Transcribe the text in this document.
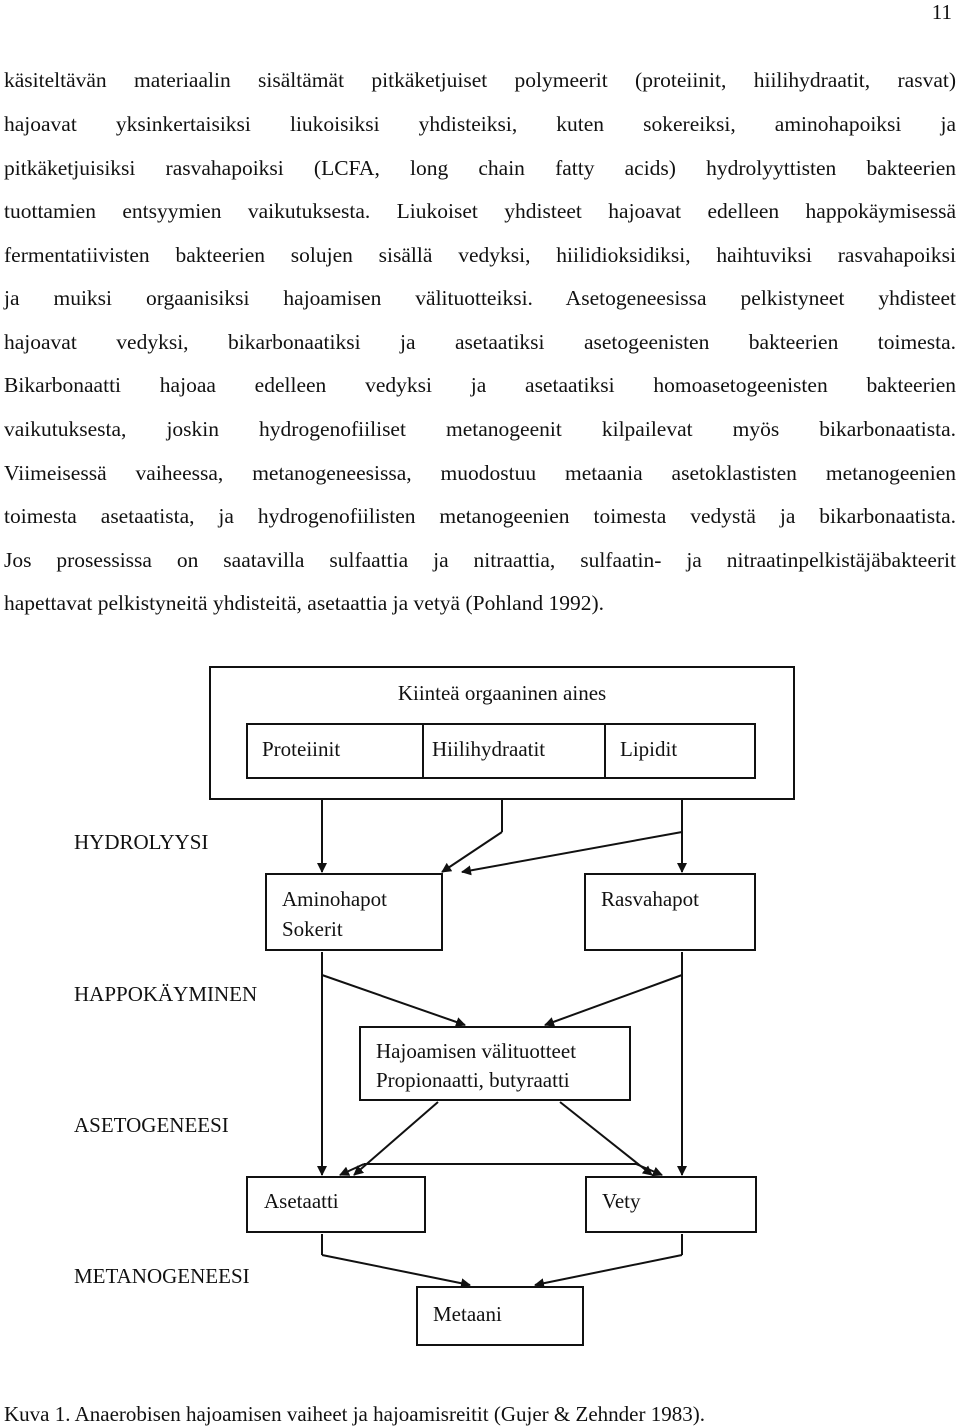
11
käsiteltävän materiaalin sisältämät pitkäketjuiset polymeerit (proteiinit, hiilihydraatit, rasvat)
hajoavat yksinkertaisiksi liukoisiksi yhdisteiksi, kuten sokereiksi, aminohapoiksi ja
pitkäketjuisiksi rasvahapoiksi (LCFA, long chain fatty acids) hydrolyyttisten bakteerien
tuottamien entsyymien vaikutuksesta. Liukoiset yhdisteet hajoavat edelleen happokäymisessä
fermentatiivisten bakteerien solujen sisällä vedyksi, hiilidioksidiksi, haihtuviksi rasvahapoiksi
ja muiksi orgaanisiksi hajoamisen välituotteiksi. Asetogeneesissa pelkistyneet yhdisteet
hajoavat vedyksi, bikarbonaatiksi ja asetaatiksi asetogeenisten bakteerien toimesta.
Bikarbonaatti hajoaa edelleen vedyksi ja asetaatiksi homoasetogeenisten bakteerien
vaikutuksesta, joskin hydrogenofiiliset metanogeenit kilpailevat myös bikarbonaatista.
Viimeisessä vaiheessa, metanogeneesissa, muodostuu metaania asetoklastisten metanogeenien
toimesta asetaatista, ja hydrogenofiilisten metanogeenien toimesta vedystä ja bikarbonaatista.
Jos prosessissa on saatavilla sulfaattia ja nitraattia, sulfaatin- ja nitraatinpelkistäjäbakteerit
hapettavat pelkistyneitä yhdisteitä, asetaattia ja vetyä (Pohland 1992).
Kiinteä orgaaninen aines
Proteiinit	Hiilihydraatit	Lipidit
HYDROLYYSI
Aminohapot
Sokerit
Rasvahapot
HAPPOKÄYMINEN
Hajoamisen välituotteet
Propionaatti, butyraatti
ASETOGENEESI
Asetaatti	Vety
METANOGENEESI
Metaani
Kuva 1. Anaerobisen hajoamisen vaiheet ja hajoamisreitit (Gujer & Zehnder 1983).
